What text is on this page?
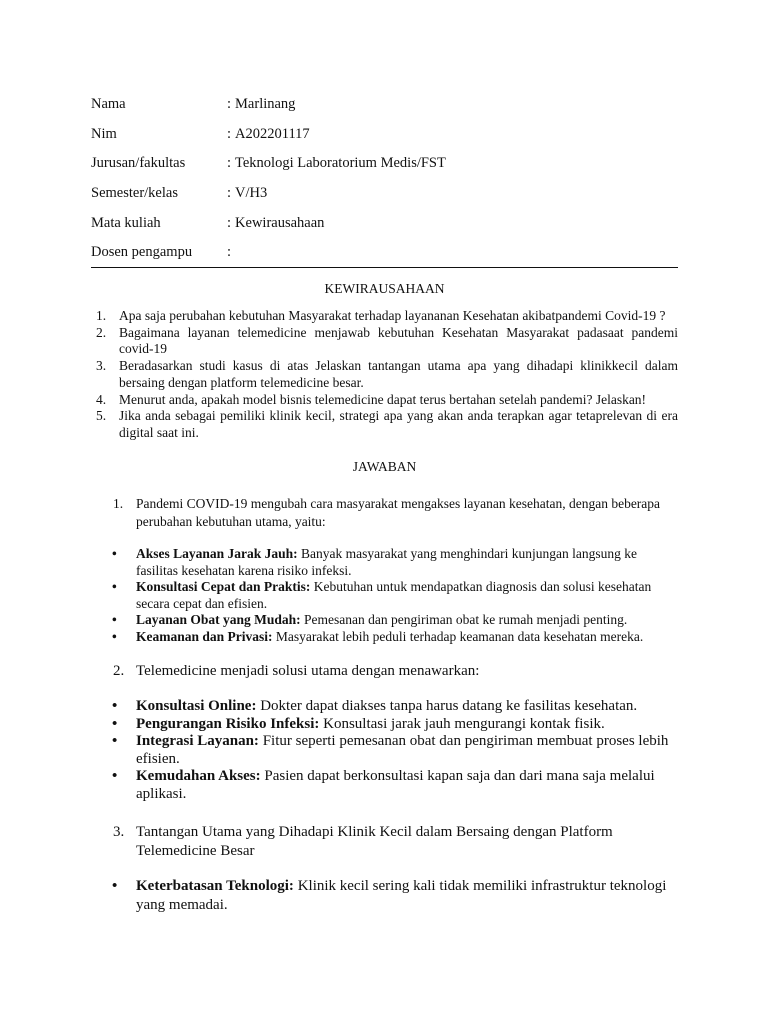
Nama	: Marlinang
Nim	: A202201117
Jurusan/fakultas	: Teknologi Laboratorium Medis/FST
Semester/kelas	: V/H3
Mata kuliah	: Kewirausahaan
Dosen pengampu	:
KEWIRAUSAHAAN
1. Apa saja perubahan kebutuhan Masyarakat terhadap layananan Kesehatan akibatpandemi Covid-19 ?
2. Bagaimana layanan telemedicine menjawab kebutuhan Kesehatan Masyarakat padasaat pandemi covid-19
3. Beradasarkan studi kasus di atas Jelaskan tantangan utama apa yang dihadapi klinikkecil dalam bersaing dengan platform telemedicine besar.
4. Menurut anda, apakah model bisnis telemedicine dapat terus bertahan setelah pandemi? Jelaskan!
5. Jika anda sebagai pemiliki klinik kecil, strategi apa yang akan anda terapkan agar tetaprelevan di era digital saat ini.
JAWABAN
1. Pandemi COVID-19 mengubah cara masyarakat mengakses layanan kesehatan, dengan beberapa perubahan kebutuhan utama, yaitu:
•	Akses Layanan Jarak Jauh: Banyak masyarakat yang menghindari kunjungan langsung ke fasilitas kesehatan karena risiko infeksi.
•	Konsultasi Cepat dan Praktis: Kebutuhan untuk mendapatkan diagnosis dan solusi kesehatan secara cepat dan efisien.
•	Layanan Obat yang Mudah: Pemesanan dan pengiriman obat ke rumah menjadi penting.
•	Keamanan dan Privasi: Masyarakat lebih peduli terhadap keamanan data kesehatan mereka.
2. Telemedicine menjadi solusi utama dengan menawarkan:
•	Konsultasi Online: Dokter dapat diakses tanpa harus datang ke fasilitas kesehatan.
•	Pengurangan Risiko Infeksi: Konsultasi jarak jauh mengurangi kontak fisik.
•	Integrasi Layanan: Fitur seperti pemesanan obat dan pengiriman membuat proses lebih efisien.
•	Kemudahan Akses: Pasien dapat berkonsultasi kapan saja dan dari mana saja melalui aplikasi.
3. Tantangan Utama yang Dihadapi Klinik Kecil dalam Bersaing dengan Platform Telemedicine Besar
•	Keterbatasan Teknologi: Klinik kecil sering kali tidak memiliki infrastruktur teknologi yang memadai.
